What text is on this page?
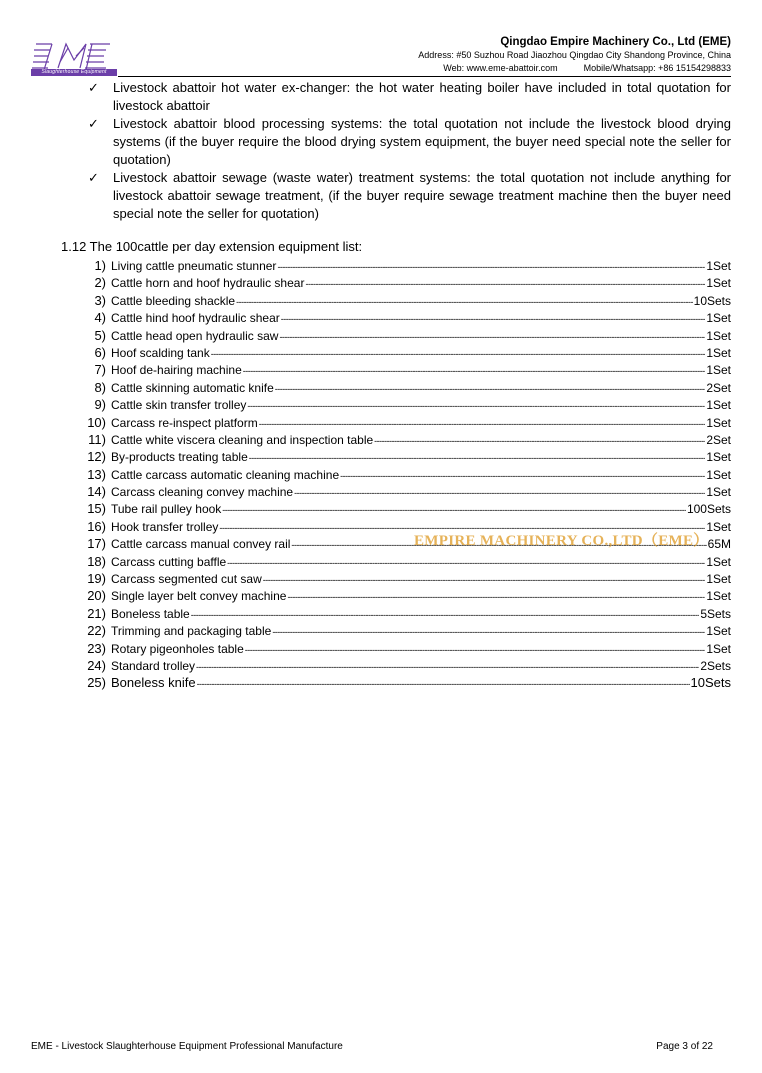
Slaughterhouse Equipment
Qingdao Empire Machinery Co., Ltd (EME)
Address: #50 Suzhou Road Jiaozhou Qingdao City Shandong Province, China
Web: www.eme-abattoir.com	Mobile/Whatsapp: +86 15154298833
✓	Livestock abattoir hot water ex-changer: the hot water heating boiler have included in total quotation for livestock abattoir
✓	Livestock abattoir blood processing systems: the total quotation not include the livestock blood drying systems (if the buyer require the blood drying system equipment, the buyer need special note the seller for quotation)
✓	Livestock abattoir sewage (waste water) treatment systems: the total quotation not include anything for livestock abattoir sewage treatment, (if the buyer require sewage treatment machine then the buyer need special note the seller for quotation)
1.12 The 100cattle per day extension equipment list:
1) Living cattle pneumatic stunner -----	1Set
2) Cattle horn and hoof hydraulic shear -----	1Set
3) Cattle bleeding shackle -----	10Sets
4) Cattle hind hoof hydraulic shear -----	1Set
5) Cattle head open hydraulic saw -----	1Set
6) Hoof scalding tank -----	1Set
7) Hoof de-hairing machine -----	1Set
8) Cattle skinning automatic knife -----	2Set
9) Cattle skin transfer trolley -----	1Set
10) Carcass re-inspect platform -----	1Set
11) Cattle white viscera cleaning and inspection table -----	2Set
12) By-products treating table -----	1Set
13) Cattle carcass automatic cleaning machine -----	1Set
14) Carcass cleaning convey machine -----	1Set
15) Tube rail pulley hook -----	100Sets
16) Hook transfer trolley -----	1Set
17) Cattle carcass manual convey rail -----	65M
18) Carcass cutting baffle -----	1Set
19) Carcass segmented cut saw -----	1Set
20) Single layer belt convey machine -----	1Set
21) Boneless table -----	5Sets
22) Trimming and packaging table -----	1Set
23) Rotary pigeonholes table -----	1Set
24) Standard trolley -----	2Sets
25) Boneless knife -----	10Sets
EMPIRE MACHINERY CO.,LTD（EME）
EME - Livestock Slaughterhouse Equipment Professional Manufacture	Page 3 of 22
